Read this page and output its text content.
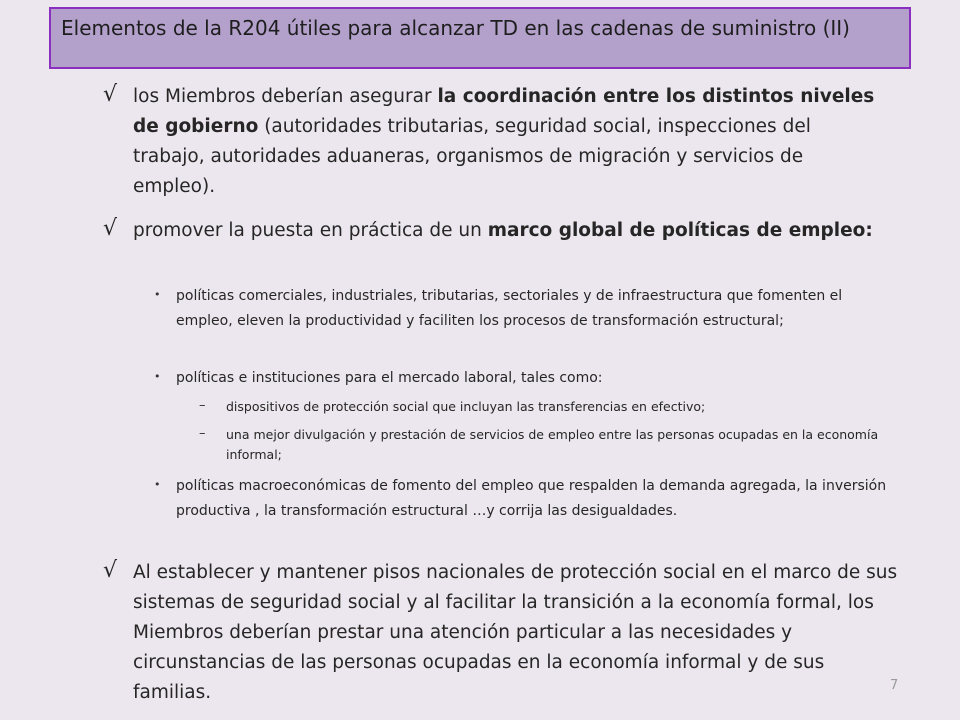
Elementos de la R204 útiles para alcanzar TD en las cadenas de suministro (II)
√ los Miembros deberían asegurar la coordinación entre los distintos niveles de gobierno (autoridades tributarias, seguridad social, inspecciones del trabajo, autoridades aduaneras, organismos de migración y servicios de empleo).

√ promover la puesta en práctica de un marco global de políticas de empleo:

• políticas comerciales, industriales, tributarias, sectoriales y de infraestructura que fomenten el empleo, eleven la productividad y faciliten los procesos de transformación estructural;

• políticas e instituciones para el mercado laboral, tales como:

– dispositivos de protección social que incluyan las transferencias en efectivo;

– una mejor divulgación y prestación de servicios de empleo entre las personas ocupadas en la economía informal;

• políticas macroeconómicas de fomento del empleo que respalden la demanda agregada, la inversión productiva , la transformación estructural …y corrija las desigualdades.

√ Al establecer y mantener pisos nacionales de protección social en el marco de sus sistemas de seguridad social y al facilitar la transición a la economía formal, los Miembros deberían prestar una atención particular a las necesidades y circunstancias de las personas ocupadas en la economía informal y de sus familias.	7
